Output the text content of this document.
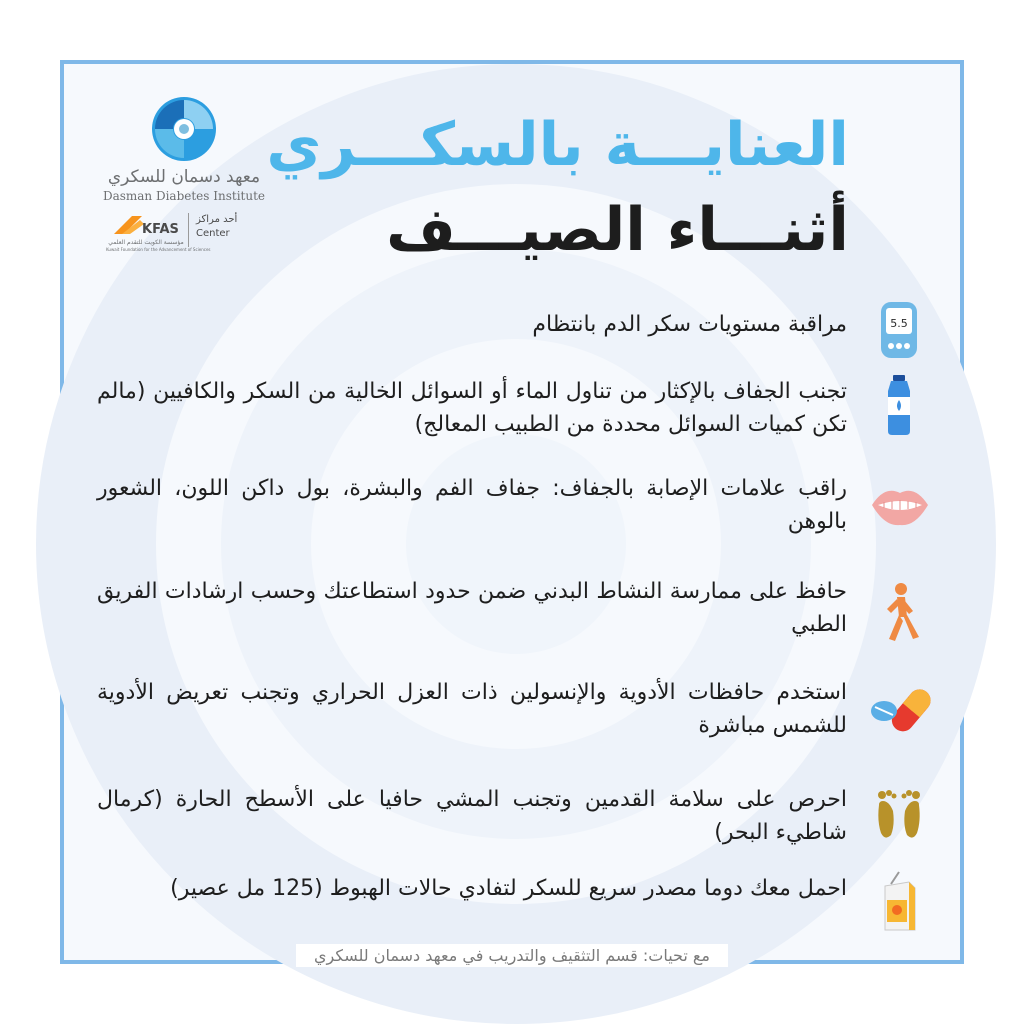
معهد دسمان للسكري
Dasman Diabetes Institute
KFAS
مؤسسة الكويت للتقدم العلمي
Kuwait Foundation for the Advancement of Sciences
أحد مراكز
Center
العنايـــة بالسكـــري
أثنـــاء الصيـــف
مراقبة مستويات سكر الدم بانتظام	5.5
تجنب الجفاف بالإكثار من تناول الماء أو السوائل الخالية من السكر والكافيين (مالم تكن كميات السوائل محددة من الطبيب المعالج)
راقب علامات الإصابة بالجفاف: جفاف الفم والبشرة، بول داكن اللون، الشعور بالوهن
حافظ على ممارسة النشاط البدني ضمن حدود استطاعتك وحسب ارشادات الفريق الطبي
استخدم حافظات الأدوية والإنسولين ذات العزل الحراري وتجنب تعريض الأدوية للشمس مباشرة
احرص على سلامة القدمين وتجنب المشي حافيا على الأسطح الحارة (كرمال شاطيء البحر)
احمل معك دوما مصدر سريع للسكر لتفادي حالات الهبوط (125 مل عصير)
مع تحيات: قسم التثقيف والتدريب في معهد دسمان للسكري
